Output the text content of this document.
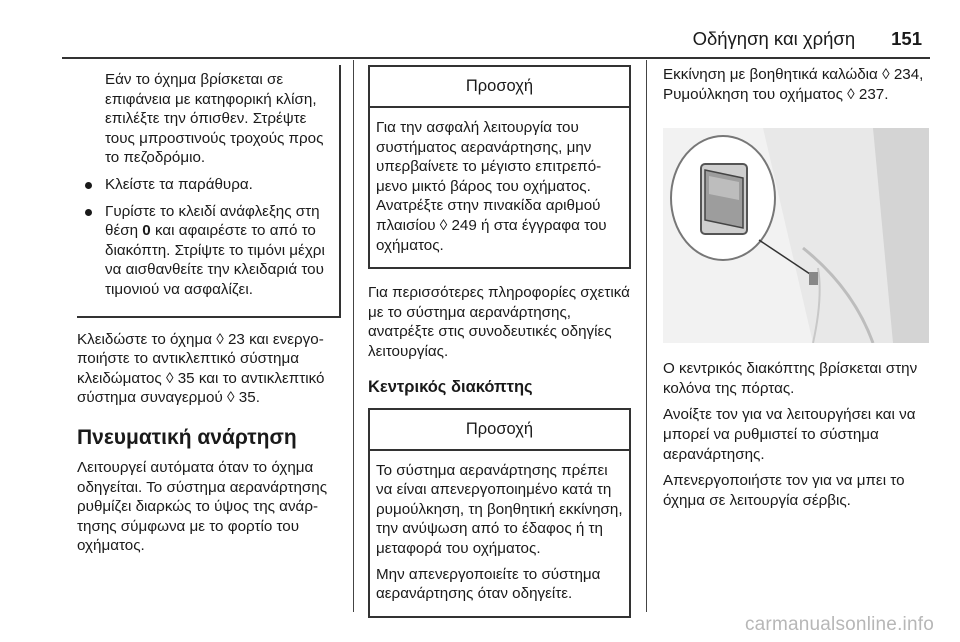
Οδήγηση και χρήση 151

Εάν το όχημα βρίσκεται σε επιφάνεια με κατηφορική κλίση, επιλέξτε την όπισθεν. Στρέψτε τους μπροστινούς τροχούς προς το πεζοδρόμιο.

Κλείστε τα παράθυρα.

Γυρίστε το κλειδί ανάφλεξης στη θέση 0 και αφαιρέστε το από το διακόπτη. Στρίψτε το τιμόνι μέχρι να αισθανθείτε την κλειδαριά του τιμονιού να ασφαλίζει.

Κλειδώστε το όχημα ◊ 23 και ενεργοποιήστε το αντικλεπτικό σύστημα κλειδώματος ◊ 35 και το αντικλεπτικό σύστημα συναγερμού ◊ 35.

Πνευματική ανάρτηση

Λειτουργεί αυτόματα όταν το όχημα οδηγείται. Το σύστημα αερανάρτησης ρυθμίζει διαρκώς το ύψος της ανάρτησης σύμφωνα με το φορτίο του οχήματος.

Προσοχή

Για την ασφαλή λειτουργία του συστήματος αερανάρτησης, μην υπερβαίνετε το μέγιστο επιτρεπόμενο μικτό βάρος του οχήματος. Ανατρέξτε στην πινακίδα αριθμού πλαισίου ◊ 249 ή στα έγγραφα του οχήματος.

Για περισσότερες πληροφορίες σχετικά με το σύστημα αερανάρτησης, ανατρέξτε στις συνοδευτικές οδηγίες λειτουργίας.

Κεντρικός διακόπτης
Προσοχή

Το σύστημα αερανάρτησης πρέπει να είναι απενεργοποιημένο κατά τη ρυμούλκηση, τη βοηθητική εκκίνηση, την ανύψωση από το έδαφος ή τη μεταφορά του οχήματος.

Μην απενεργοποιείτε το σύστημα αερανάρτησης όταν οδηγείτε.

Εκκίνηση με βοηθητικά καλώδια ◊ 234, Ρυμούλκηση του οχήματος ◊ 237.

Ο κεντρικός διακόπτης βρίσκεται στην κολόνα της πόρτας.

Ανοίξτε τον για να λειτουργήσει και να μπορεί να ρυθμιστεί το σύστημα αερανάρτησης.

Απενεργοποιήστε τον για να μπει το όχημα σε λειτουργία σέρβις.

carmanualsonline.info
